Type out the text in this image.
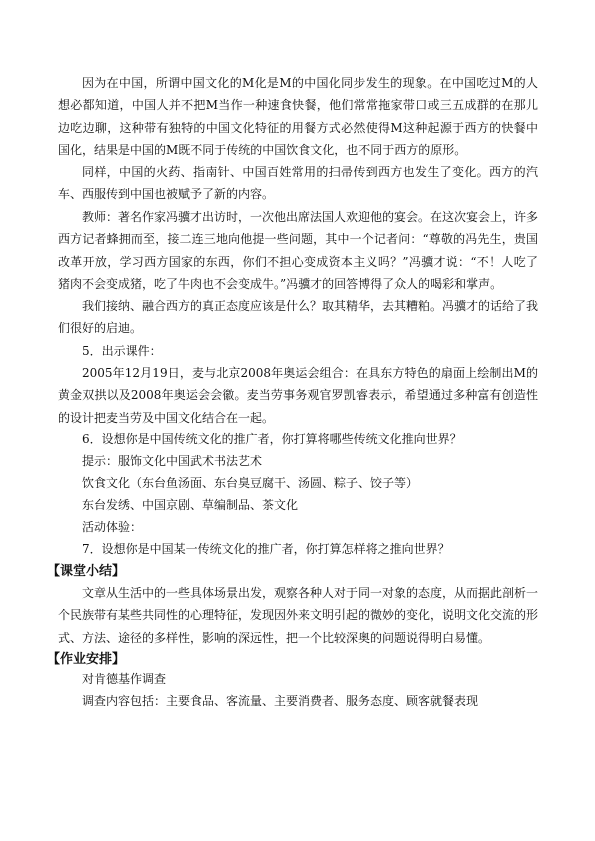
因为在中国，所谓中国文化的M化是M的中国化同步发生的现象。在中国吃过M的人想必都知道，中国人并不把M当作一种速食快餐，他们常常拖家带口或三五成群的在那儿边吃边聊，这种带有独特的中国文化特征的用餐方式必然使得M这种起源于西方的快餐中国化，结果是中国的M既不同于传统的中国饮食文化，也不同于西方的原形。

同样，中国的火药、指南针、中国百姓常用的扫帚传到西方也发生了变化。西方的汽车、西服传到中国也被赋予了新的内容。

教师：著名作家冯骥才出访时，一次他出席法国人欢迎他的宴会。在这次宴会上，许多西方记者蜂拥而至，接二连三地向他提一些问题，其中一个记者问：“尊敬的冯先生，贵国改革开放，学习西方国家的东西，你们不担心变成资本主义吗？”冯骥才说：“不！人吃了猪肉不会变成猪，吃了牛肉也不会变成牛。”冯骥才的回答博得了众人的喝彩和掌声。

我们接纳、融合西方的真正态度应该是什么？取其精华，去其糟粕。冯骥才的话给了我们很好的启迪。

5．出示课件：

2005年12月19日，麦与北京2008年奥运会组合：在具东方特色的扇面上绘制出M的黄金双拱以及2008年奥运会会徽。麦当劳事务观官罗凯睿表示，希望通过多种富有创造性的设计把麦当劳及中国文化结合在一起。

6．设想你是中国传统文化的推广者，你打算将哪些传统文化推向世界？

提示：服饰文化中国武术书法艺术

饮食文化（东台鱼汤面、东台臭豆腐干、汤圆、粽子、饺子等）

东台发绣、中国京剧、草编制品、茶文化

活动体验：

7．设想你是中国某一传统文化的推广者，你打算怎样将之推向世界？

【课堂小结】

文章从生活中的一些具体场景出发，观察各种人对于同一对象的态度，从而据此剖析一个民族带有某些共同性的心理特征，发现因外来文明引起的微妙的变化，说明文化交流的形式、方法、途径的多样性，影响的深远性，把一个比较深奥的问题说得明白易懂。

【作业安排】

对肯德基作调查

调查内容包括：主要食品、客流量、主要消费者、服务态度、顾客就餐表现
